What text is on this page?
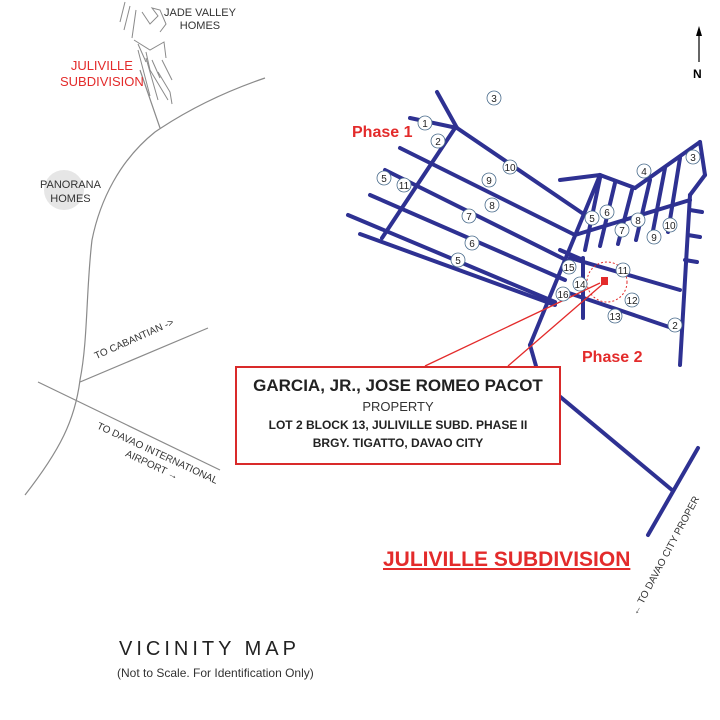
1
2
3
5
11
10
9
8
7
6
5
3
4
6
5
7
8
9
10
11
12
13
14
15
16
2
N
JADE VALLEY
HOMES
JULIVILLE
SUBDIVISION
PANORANA
HOMES
TO CABANTIAN ->
TO DAVAO INTERNATIONAL
AIRPORT →
← TO DAVAO CITY PROPER
Phase 1
Phase 2
GARCIA, JR., JOSE ROMEO PACOT
PROPERTY
LOT 2 BLOCK 13, JULIVILLE SUBD. PHASE II
BRGY. TIGATTO, DAVAO CITY
JULIVILLE SUBDIVISION
VICINITY MAP
(Not to Scale. For Identification Only)
